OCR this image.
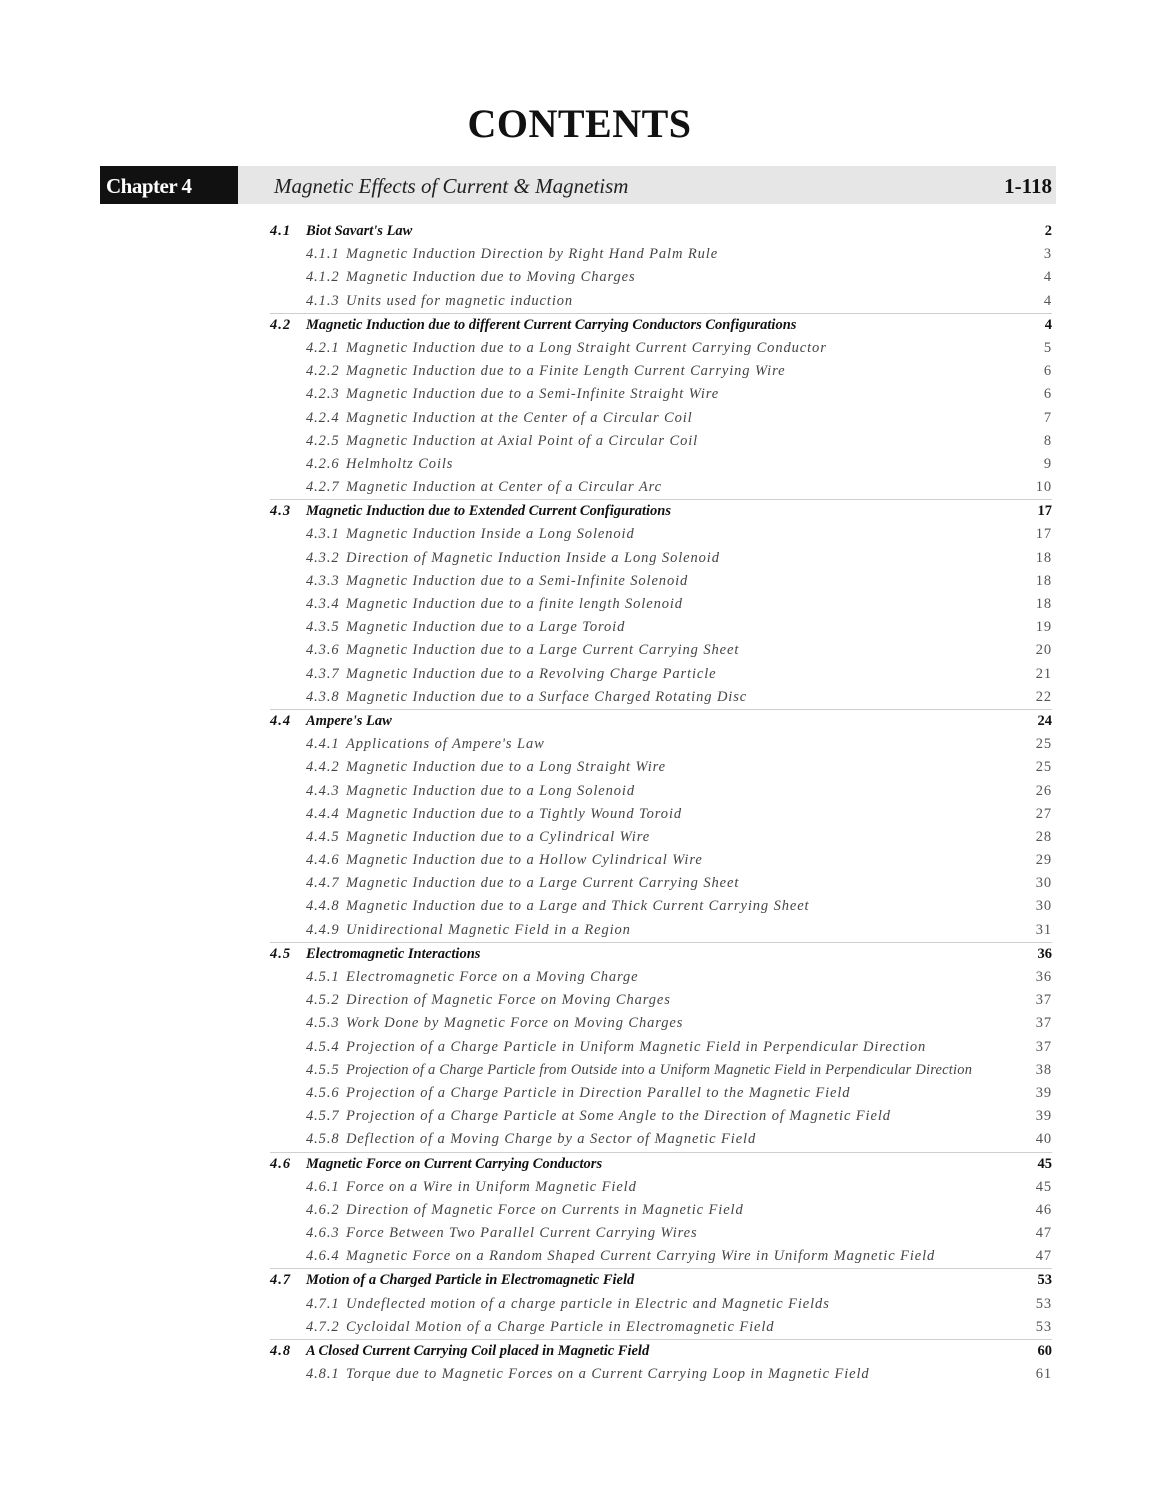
CONTENTS
Chapter 4	Magnetic Effects of Current & Magnetism	1-118
4.1 Biot Savart's Law	2
4.1.1 Magnetic Induction Direction by Right Hand Palm Rule	3
4.1.2 Magnetic Induction due to Moving Charges	4
4.1.3 Units used for magnetic induction	4
4.2 Magnetic Induction due to different Current Carrying Conductors Configurations	4
4.2.1 Magnetic Induction due to a Long Straight Current Carrying Conductor	5
4.2.2 Magnetic Induction due to a Finite Length Current Carrying Wire	6
4.2.3 Magnetic Induction due to a Semi-Infinite Straight Wire	6
4.2.4 Magnetic Induction at the Center of a Circular Coil	7
4.2.5 Magnetic Induction at Axial Point of a Circular Coil	8
4.2.6 Helmholtz Coils	9
4.2.7 Magnetic Induction at Center of a Circular Arc	10
4.3 Magnetic Induction due to Extended Current Configurations	17
4.3.1 Magnetic Induction Inside a Long Solenoid	17
4.3.2 Direction of Magnetic Induction Inside a Long Solenoid	18
4.3.3 Magnetic Induction due to a Semi-Infinite Solenoid	18
4.3.4 Magnetic Induction due to a finite length Solenoid	18
4.3.5 Magnetic Induction due to a Large Toroid	19
4.3.6 Magnetic Induction due to a Large Current Carrying Sheet	20
4.3.7 Magnetic Induction due to a Revolving Charge Particle	21
4.3.8 Magnetic Induction due to a Surface Charged Rotating Disc	22
4.4 Ampere's Law	24
4.4.1 Applications of Ampere's Law	25
4.4.2 Magnetic Induction due to a Long Straight Wire	25
4.4.3 Magnetic Induction due to a Long Solenoid	26
4.4.4 Magnetic Induction due to a Tightly Wound Toroid	27
4.4.5 Magnetic Induction due to a Cylindrical Wire	28
4.4.6 Magnetic Induction due to a Hollow Cylindrical Wire	29
4.4.7 Magnetic Induction due to a Large Current Carrying Sheet	30
4.4.8 Magnetic Induction due to a Large and Thick Current Carrying Sheet	30
4.4.9 Unidirectional Magnetic Field in a Region	31
4.5 Electromagnetic Interactions	36
4.5.1 Electromagnetic Force on a Moving Charge	36
4.5.2 Direction of Magnetic Force on Moving Charges	37
4.5.3 Work Done by Magnetic Force on Moving Charges	37
4.5.4 Projection of a Charge Particle in Uniform Magnetic Field in Perpendicular Direction	37
4.5.5 Projection of a Charge Particle from Outside into a Uniform Magnetic Field in Perpendicular Direction	38
4.5.6 Projection of a Charge Particle in Direction Parallel to the Magnetic Field	39
4.5.7 Projection of a Charge Particle at Some Angle to the Direction of Magnetic Field	39
4.5.8 Deflection of a Moving Charge by a Sector of Magnetic Field	40
4.6 Magnetic Force on Current Carrying Conductors	45
4.6.1 Force on a Wire in Uniform Magnetic Field	45
4.6.2 Direction of Magnetic Force on Currents in Magnetic Field	46
4.6.3 Force Between Two Parallel Current Carrying Wires	47
4.6.4 Magnetic Force on a Random Shaped Current Carrying Wire in Uniform Magnetic Field	47
4.7 Motion of a Charged Particle in Electromagnetic Field	53
4.7.1 Undeflected motion of a charge particle in Electric and Magnetic Fields	53
4.7.2 Cycloidal Motion of a Charge Particle in Electromagnetic Field	53
4.8 A Closed Current Carrying Coil placed in Magnetic Field	60
4.8.1 Torque due to Magnetic Forces on a Current Carrying Loop in Magnetic Field	61
